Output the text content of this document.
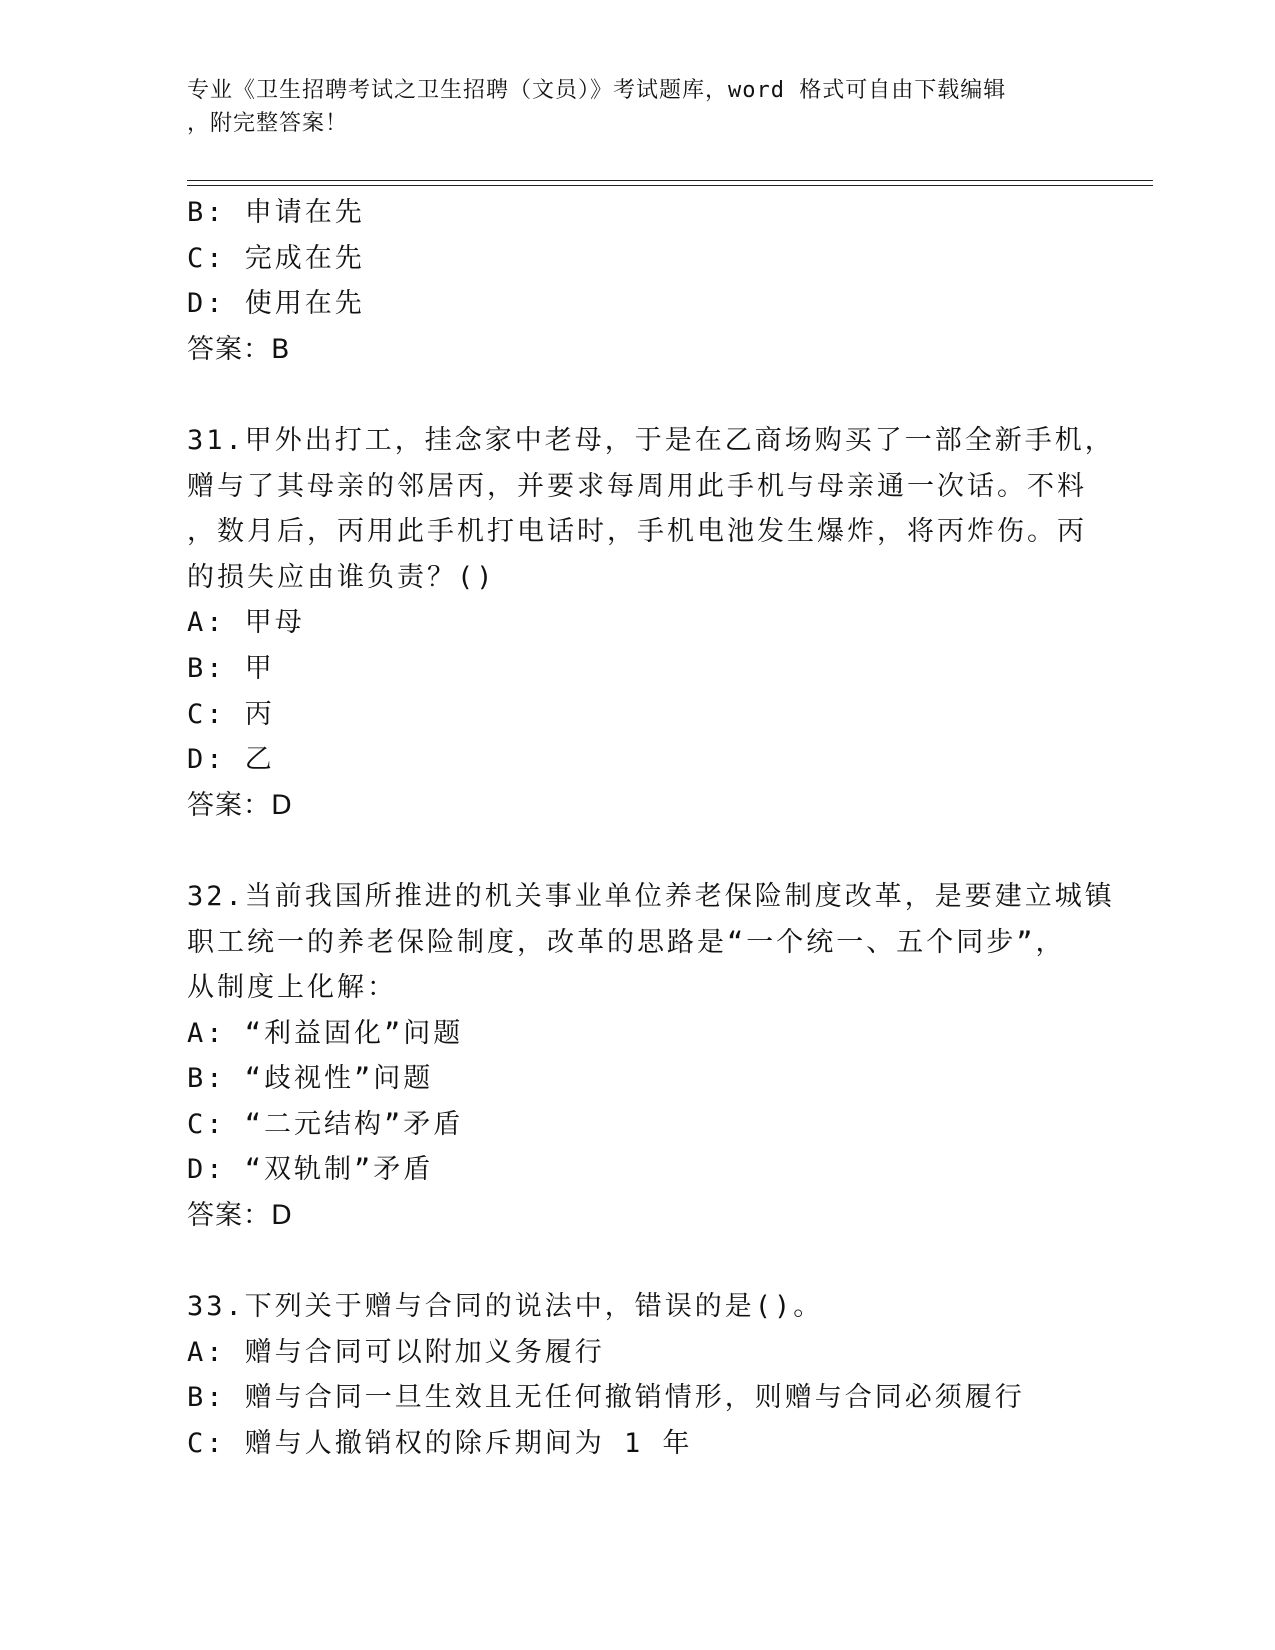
专业《卫生招聘考试之卫生招聘（文员）》考试题库，word 格式可自由下载编辑
，附完整答案！
B: 申请在先
C: 完成在先
D: 使用在先
答案：B
31.甲外出打工，挂念家中老母，于是在乙商场购买了一部全新手机，
赠与了其母亲的邻居丙，并要求每周用此手机与母亲通一次话。不料
，数月后，丙用此手机打电话时，手机电池发生爆炸，将丙炸伤。丙
的损失应由谁负责？()
A: 甲母
B: 甲
C: 丙
D: 乙
答案：D
32.当前我国所推进的机关事业单位养老保险制度改革，是要建立城镇
职工统一的养老保险制度，改革的思路是“一个统一、五个同步”，
从制度上化解：
A: “利益固化”问题
B: “歧视性”问题
C: “二元结构”矛盾
D: “双轨制”矛盾
答案：D
33.下列关于赠与合同的说法中，错误的是()。
A: 赠与合同可以附加义务履行
B: 赠与合同一旦生效且无任何撤销情形，则赠与合同必须履行
C: 赠与人撤销权的除斥期间为 1 年
